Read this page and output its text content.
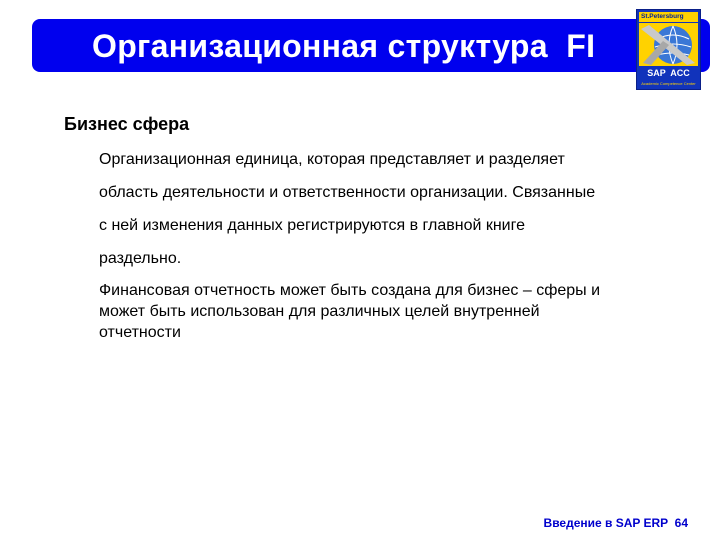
Организационная структура  FI
St.Petersburg
SAP  ACC
Academic Competence Center
Бизнес сфера
Организационная единица, которая представляет и разделяет
область деятельности и ответственности организации. Связанные
с ней изменения данных регистрируются в главной книге
раздельно.
Финансовая отчетность может быть создана для бизнес – сферы и
может быть использован для различных целей внутренней
отчетности
Введение в SAP ERP  64
